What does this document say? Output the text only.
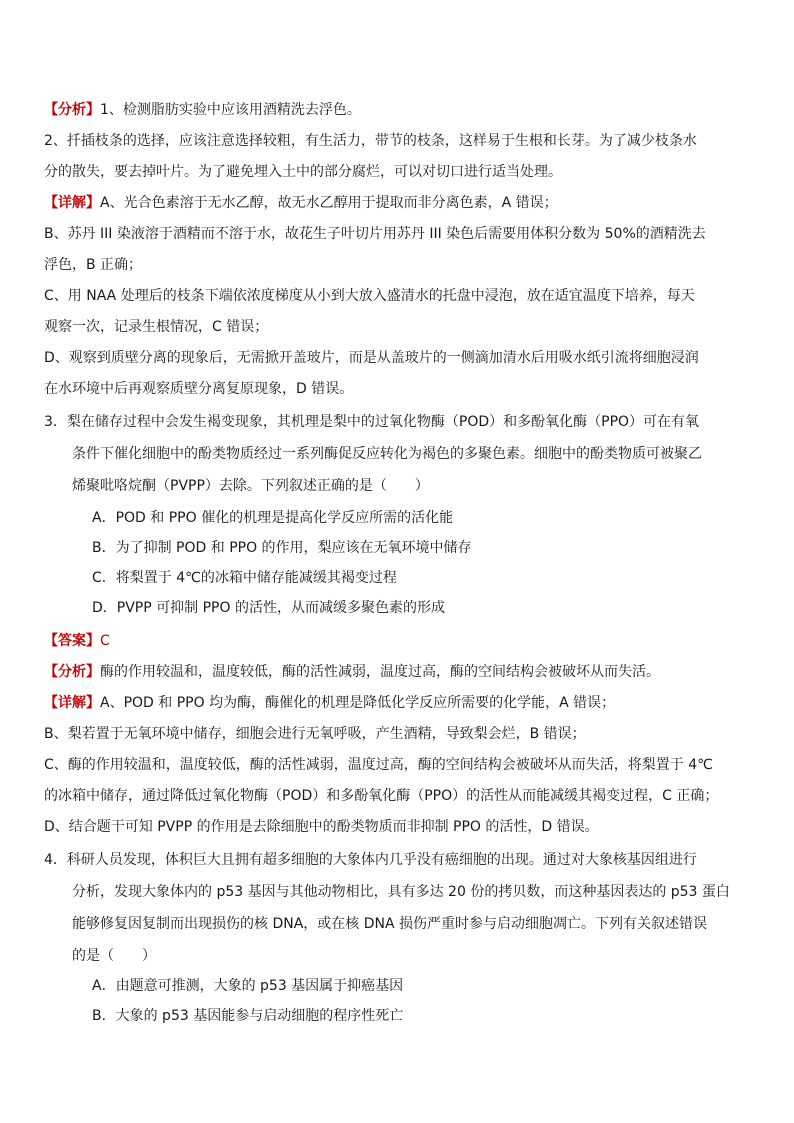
【分析】1、检测脂肪实验中应该用酒精洗去浮色。
2、扦插枝条的选择，应该注意选择较粗，有生活力，带节的枝条，这样易于生根和长芽。为了减少枝条水
分的散失，要去掉叶片。为了避免埋入土中的部分腐烂，可以对切口进行适当处理。
【详解】A、光合色素溶于无水乙醇，故无水乙醇用于提取而非分离色素，A 错误；
B、苏丹 III 染液溶于酒精而不溶于水，故花生子叶切片用苏丹 III 染色后需要用体积分数为 50%的酒精洗去
浮色，B 正确；
C、用 NAA 处理后的枝条下端依浓度梯度从小到大放入盛清水的托盘中浸泡，放在适宜温度下培养，每天
观察一次，记录生根情况，C 错误；
D、观察到质壁分离的现象后，无需掀开盖玻片，而是从盖玻片的一侧滴加清水后用吸水纸引流将细胞浸润
在水环境中后再观察质壁分离复原现象，D 错误。
3．梨在储存过程中会发生褐变现象，其机理是梨中的过氧化物酶（POD）和多酚氧化酶（PPO）可在有氧
条件下催化细胞中的酚类物质经过一系列酶促反应转化为褐色的多聚色素。细胞中的酚类物质可被聚乙
烯聚吡咯烷酮（PVPP）去除。下列叙述正确的是（　　）
A．POD 和 PPO 催化的机理是提高化学反应所需的活化能
B．为了抑制 POD 和 PPO 的作用，梨应该在无氧环境中储存
C．将梨置于 4℃的冰箱中储存能减缓其褐变过程
D．PVPP 可抑制 PPO 的活性，从而减缓多聚色素的形成
【答案】C
【分析】酶的作用较温和，温度较低，酶的活性减弱，温度过高，酶的空间结构会被破坏从而失活。
【详解】A、POD 和 PPO 均为酶，酶催化的机理是降低化学反应所需要的化学能，A 错误；
B、梨若置于无氧环境中储存，细胞会进行无氧呼吸，产生酒精，导致梨会烂，B 错误；
C、酶的作用较温和，温度较低，酶的活性减弱，温度过高，酶的空间结构会被破坏从而失活，将梨置于 4℃
的冰箱中储存，通过降低过氧化物酶（POD）和多酚氧化酶（PPO）的活性从而能减缓其褐变过程，C 正确；
D、结合题干可知 PVPP 的作用是去除细胞中的酚类物质而非抑制 PPO 的活性，D 错误。
4．科研人员发现，体积巨大且拥有超多细胞的大象体内几乎没有癌细胞的出现。通过对大象核基因组进行
分析，发现大象体内的 p53 基因与其他动物相比，具有多达 20 份的拷贝数，而这种基因表达的 p53 蛋白
能够修复因复制而出现损伤的核 DNA，或在核 DNA 损伤严重时参与启动细胞凋亡。下列有关叙述错误
的是（　　）
A．由题意可推测，大象的 p53 基因属于抑癌基因
B．大象的 p53 基因能参与启动细胞的程序性死亡
